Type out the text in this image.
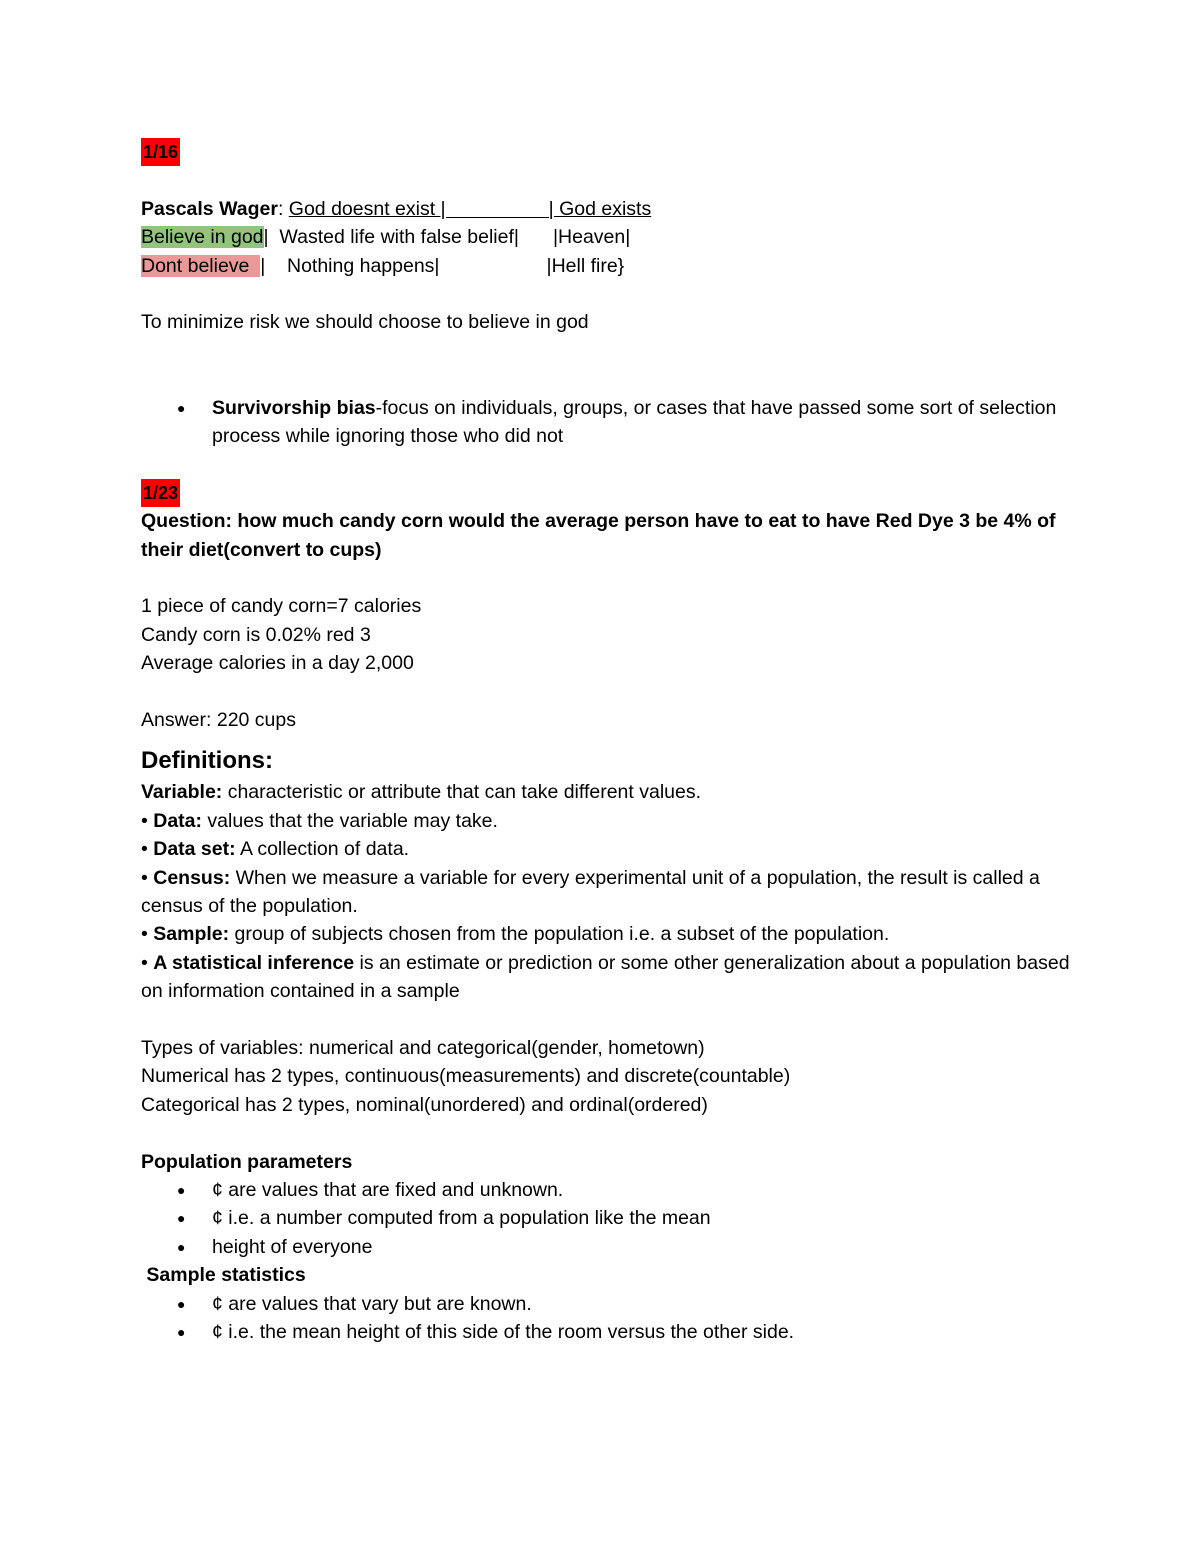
1/16
Pascals Wager: God doesnt exist |	| God exists
Believe in god|  Wasted life with false belief| |Heaven|
Dont believe  |    Nothing happens|	|Hell fire}
To minimize risk we should choose to believe in god
● Survivorship bias-focus on individuals, groups, or cases that have passed some sort of selection process while ignoring those who did not
1/23
Question: how much candy corn would the average person have to eat to have Red Dye 3 be 4% of their diet(convert to cups)
1 piece of candy corn=7 calories
Candy corn is 0.02% red 3
Average calories in a day 2,000
Answer: 220 cups
Definitions:
Variable: characteristic or attribute that can take different values.
• Data: values that the variable may take.
• Data set: A collection of data.
• Census: When we measure a variable for every experimental unit of a population, the result is called a census of the population.
• Sample: group of subjects chosen from the population i.e. a subset of the population.
• A statistical inference is an estimate or prediction or some other generalization about a population based on information contained in a sample
Types of variables: numerical and categorical(gender, hometown)
Numerical has 2 types, continuous(measurements) and discrete(countable)
Categorical has 2 types, nominal(unordered) and ordinal(ordered)
Population parameters
● ¢ are values that are fixed and unknown.
● ¢ i.e. a number computed from a population like the mean
● height of everyone
Sample statistics
● ¢ are values that vary but are known.
● ¢ i.e. the mean height of this side of the room versus the other side.
